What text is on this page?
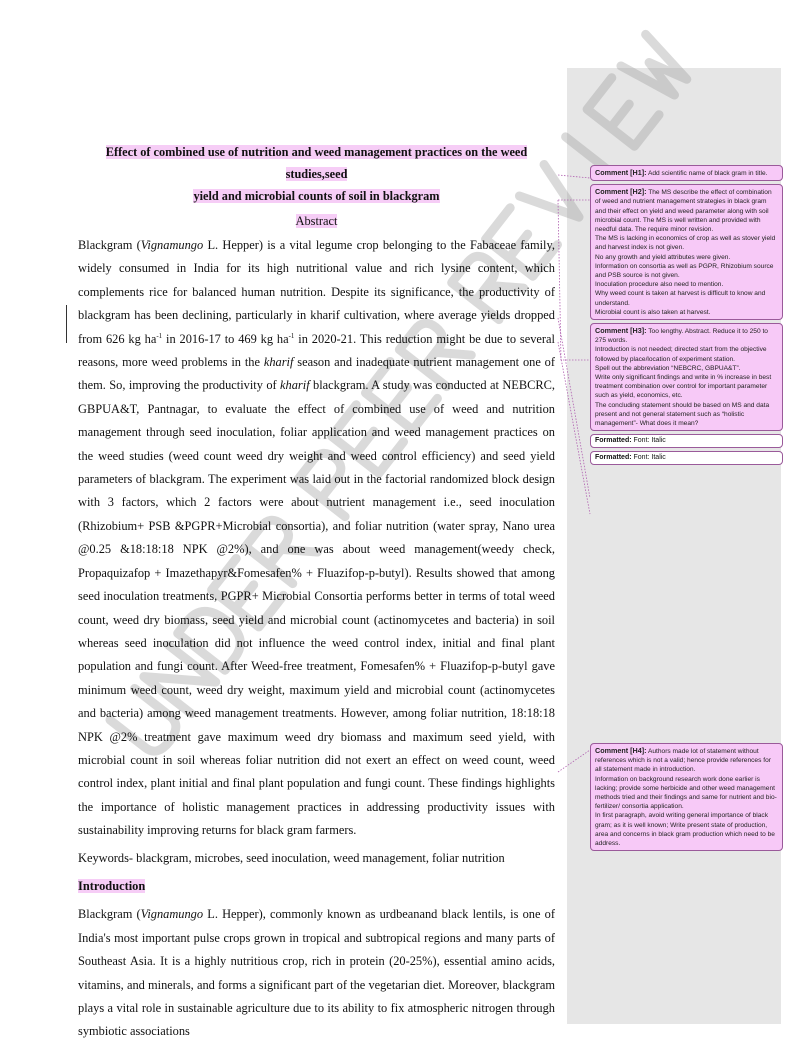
Effect of combined use of nutrition and weed management practices on the weed studies,seed
yield and microbial counts of soil in blackgram
Abstract
Blackgram (Vignamungo L. Hepper) is a vital legume crop belonging to the Fabaceae family, widely consumed in India for its high nutritional value and rich lysine content, which complements rice for balanced human nutrition. Despite its significance, the productivity of blackgram has been declining, particularly in kharif cultivation, where average yields dropped from 626 kg $ha^{-1}$ in 2016-17 to 469 kg $ha^{-1}$ in 2020-21. This reduction might be due to several reasons, more weed problems in the kharif season and inadequate nutrient management one of them. So, improving the productivity of kharif blackgram. A study was conducted at NEBCRC, GBPUA&T, Pantnagar, to evaluate the effect of combined use of weed and nutrition management through seed inoculation, foliar application and weed management practices on the weed studies (weed count weed dry weight and weed control efficiency) and seed yield parameters of blackgram. The experiment was laid out in the factorial randomized block design with 3 factors, which 2 factors were about nutrient management i.e., seed inoculation (Rhizobium+ PSB &PGPR+Microbial consortia), and foliar nutrition (water spray, Nano urea @0.25 &18:18:18 NPK @2%), and one was about weed management(weedy check, Propaquizafop + Imazethapyr&Fomesafen% + Fluazifop-p-butyl). Results showed that among seed inoculation treatments, PGPR+ Microbial Consortia performs better in terms of total weed count, weed dry biomass, seed yield and microbial count (actinomycetes and bacteria) in soil whereas seed inoculation did not influence the weed control index, initial and final plant population and fungi count. After Weed-free treatment, Fomesafen% + Fluazifop-p-butyl gave minimum weed count, weed dry weight, maximum yield and microbial count (actinomycetes and bacteria) among weed management treatments. However, among foliar nutrition, 18:18:18 NPK @2% treatment gave maximum weed dry biomass and maximum seed yield, with microbial count in soil whereas foliar nutrition did not exert an effect on weed count, weed control index, plant initial and final plant population and fungi count. These findings highlights the importance of holistic management practices in addressing productivity issues with sustainability improving returns for black gram farmers.
Keywords- blackgram, microbes, seed inoculation, weed management, foliar nutrition
Introduction
Blackgram (Vignamungo L. Hepper), commonly known as urdbeanand black lentils, is one of India's most important pulse crops grown in tropical and subtropical regions and many parts of Southeast Asia. It is a highly nutritious crop, rich in protein (20-25%), essential amino acids, vitamins, and minerals, and forms a significant part of the vegetarian diet. Moreover, blackgram plays a vital role in sustainable agriculture due to its ability to fix atmospheric nitrogen through symbiotic associations
Comment [H1]: Add scientific name of black gram in title.
Comment [H2]: The MS describe the effect of combination of weed and nutrient management strategies in black gram and their effect on yield and weed parameter along with soil microbial count. The MS is well written and provided with needful data. The require minor revision.
The MS is lacking in economics of crop as well as stover yield and harvest index is not given.
No any growth and yield attributes were given.
Information on consortia as well as PGPR, Rhizobium source and PSB source is not given.
Inoculation procedure also need to mention.
Why weed count is taken at harvest is difficult to know and understand.
Microbial count is also taken at harvest.
Comment [H3]: Too lengthy. Abstract. Reduce it to 250 to 275 words.
Introduction is not needed; directed start from the objective followed by place/location of experiment station.
Spell out the abbreviation “NEBCRC, GBPUA&T”.
Write only significant findings and write in % increase in best treatment combination over control for important parameter such as yield, economics, etc.
The concluding statement should be based on MS and data present and not general statement such as “holistic management”- What does it mean?
Formatted: Font: Italic
Formatted: Font: Italic
Comment [H4]: Authors made lot of statement without references which is not a valid; hence provide references for all statement made in introduction.
Information on background research work done earlier is lacking; provide some herbicide and other weed management methods tried and their findings and same for nutrient and bio-fertilizer/ consortia application.
In first paragraph, avoid writing general importance of black gram; as it is well known; Write present state of production, area and concerns in black gram production which need to be address.
